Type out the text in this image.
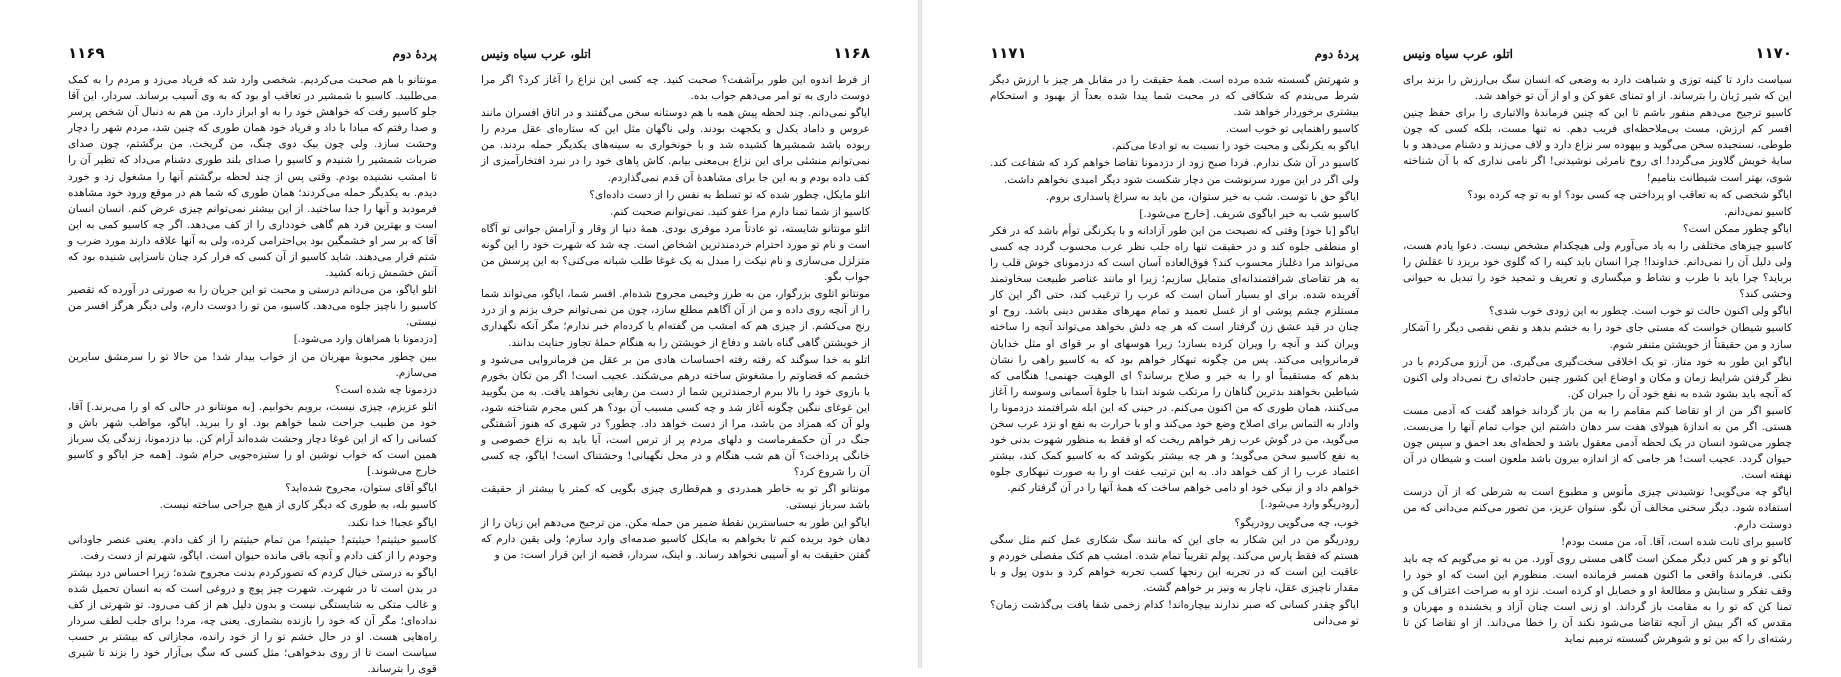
پردهٔ دوم
۱۱۶۹

مونتانو با هم صحبت می‌کردیم. شخصی وارد شد که فریاد می‌زد و مردم را به کمک می‌طلبید. کاسیو با شمشیر در تعاقب او بود که به وی آسیب برساند. سردار، این آقا جلو کاسیو رفت که خواهش خود را به او ابراز دارد. من هم به دنبال آن شخص پرسر و صدا رفتم که مبادا با داد و فریاد خود همان طوری که چنین شد، مردم شهر را دچار وحشت سازد. ولی چون بیک دوی چنگ، من گریخت. من برگشتم، چون صدای ضربات شمشیر را شنیدم و کاسیو را صدای بلند طوری دشنام می‌داد که تظیر آن را تا امشب نشنیده بودم. وقتی پس از چند لحظه برگشتم آنها را مشغول زد و خورد دیدم. به یکدیگر حمله می‌کردند؛ همان طوری که شما هم در موقع ورود خود مشاهده فرمودید و آنها را جدا ساختید. از این بیشتر نمی‌توانم چیزی عرض کنم. انسان انسان است و بهترین فرد هم گاهی خودداری را از کف می‌دهد. اگر چه کاسیو کمی به این آقا که بر سر او خشمگین بود بی‌احترامی کرده، ولی به آنها علاقه دارند مورد ضرب و شتم قرار می‌دهند. شاید کاسیو از آن کسی که فرار کرد چنان ناسزایی شنیده بود که آتش خشمش زبانه کشید.

اتلو ایاگو، من می‌دانم درستی و محبت تو این جریان را به صورتی در آورده که تقصیر کاسیو را ناچیز جلوه می‌دهد. کاسیو، من تو را دوست دارم، ولی دیگر هرگز افسر من نیستی.

[دزدمونا با همراهان وارد می‌شود.]

ببین چطور محبوبهٔ مهربان من از خواب بیدار شد! من حالا تو را سرمشق سایرین می‌سازم.

دزدمونا چه شده است؟

اتلو عزیزم، چیزی نیست، برویم بخوابیم. [به مونتانو در حالی که او را می‌برند.] آقا، خود من طبیب جراحت شما خواهم بود. او را ببرید. ایاگو، مواظب شهر باش و کسانی را که از این غوغا دچار وحشت شده‌اند آرام کن. بیا دزدمونا، زندگی یک سرباز همین است که خواب نوشین او را ستیزه‌جویی حرام شود. [همه جز ایاگو و کاسیو خارج می‌شوند.]

ایاگو آقای ستوان، مجروح شده‌اید؟

کاسیو بله، به طوری که دیگر کاری از هیچ جراحی ساخته نیست.

ایاگو عجبا! خدا نکند.

کاسیو حیثیتم! حیثیتم! حیثیتم! من تمام حیثیتم را از کف دادم. یعنی عنصر جاودانی وجودم را از کف دادم و آنچه باقی مانده حیوان است. ایاگو، شهرتم از دست رفت.

ایاگو به درستی خیال کردم که تصورکردم بدنت مجروح شده؛ زیرا احساس درد بیشتر در بدن است تا در شهرت. شهرت چیز پوچ و دروغی است که به انسان تحمیل شده و غالب متکی به شایستگی نیست و بدون دلیل هم از کف می‌رود. تو شهرتی از کف نداده‌ای؛ مگر آن که خود را بازنده بشماری. یعنی چه، مرد! برای جلب لطف سردار راه‌هایی هست. او در حال خشم تو را از خود رانده، مجازاتی که بیشتر بر حسب سیاست است تا از روی بدخواهی؛ مثل کسی که سگ بی‌آزار خود را بزند تا شیری قوی را بترساند.

۱۱۶۸
اتلو، عرب سیاه ونیس

از فرط اندوه این طور برآشفت؟ صحبت کنید. چه کسی این نزاع را آغاز کرد؟ اگر مرا دوست داری به تو امر می‌دهم جواب بده.

ایاگو نمی‌دانم. چند لحظه پیش همه با هم دوستانه سخن می‌گفتند و در اتاق افسران مانند عروس و داماد یکدل و یکجهت بودند. ولی ناگهان مثل این که ستاره‌ای عقل مردم را ربوده باشد شمشیرها کشیده شد و با خونخواری به سینه‌های یکدیگر حمله بردند. من نمی‌توانم منشئی برای این نزاع بی‌معنی بیابم. کاش پاهای خود را در نبرد افتخارآمیزی از کف داده بودم و به این جا برای مشاهدهٔ آن قدم نمی‌گذاردم.

اتلو مایکل، چطور شده که تو تسلط به نفس را از دست داده‌ای؟

کاسیو از شما تمنا دارم مرا عفو کنید. نمی‌توانم صحبت کنم.

اتلو مونتانو شایسته، تو عادتاً مرد موقری بودی. همهٔ دنیا از وقار و آرامش جوانی تو آگاه است و نام تو مورد احترام خردمندترین اشخاص است. چه شد که شهرت خود را این گونه متزلزل می‌سازی و نام نیکت را مبدل به یک غوغا طلب شبانه می‌کنی؟ به این پرسش من جواب بگو.

مونتانو اتلوی بزرگوار، من به طرز وخیمی مجروح شده‌ام. افسر شما، ایاگو، می‌تواند شما را از آنچه روی داده و من از آن آگاهم مطلع سازد، چون من نمی‌توانم حرف بزنم و از درد رنج می‌کشم. از چیزی هم که امشب من گفته‌ام یا کرده‌ام خبر ندارم؛ مگر آنکه نگهداری از خویشتن گاهی گناه باشد و دفاع از خویشتن را به هنگام حملهٔ تجاوز جنایت بدانند.

اتلو به خدا سوگند که رفته رفته احساسات هادی من بر عقل من فرمانروایی می‌شود و خشمم که قضاوتم را مشغوش ساخته درهم می‌شکند. عجیب است! اگر من تکان بخورم یا بازوی خود را بالا ببرم ارجمندترین شما از دست من رهایی نخواهد یافت. به من بگویید این غوغای ننگین چگونه آغاز شد و چه کسی مسبب آن بود؟ هر کس مجرم شناخته شود، ولو آن که همزاد من باشد، مرا از دست خواهد داد. چطور؟ در شهری که هنوز آشفتگی جنگ در آن حکمفرماست و دلهای مردم پر از ترس است، آیا باید به نزاع خصوصی و خانگی پرداخت؟ آن هم شب هنگام و در محل نگهبانی! وحشتناک است! ایاگو، چه کسی آن را شروع کرد؟

مونتانو اگر تو به خاطر همدردی و هم‌قطاری چیزی بگویی که کمتر یا بیشتر از حقیقت باشد سرباز نیستی.

ایاگو این طور به حساسترین نقطهٔ ضمیر من حمله مکن. من ترجیح می‌دهم این زبان را از دهان خود بریده کنم تا بخواهم به مایکل کاسیو صدمه‌ای وارد سازم؛ ولی یقین دارم که گفتن حقیقت به او آسیبی نخواهد رساند. و اینک، سردار، قضیه از این قرار است: من و

پردهٔ دوم
۱۱۷۱

و شهرتش گسسته شده مرده است. همهٔ حقیقت را در مقابل هر چیز با ارزش دیگر شرط می‌بندم که شکافی که در محبت شما پیدا شده بعداً از بهبود و استحکام بیشتری برخوردار خواهد شد.

کاسیو راهنمایی تو خوب است.

ایاگو به یکرنگی و محبت خود را نسبت به تو ادعا می‌کنم.

کاسیو در آن شک ندارم. فردا صبح زود از دزدمونا تقاضا خواهم کرد که شفاعت کند. ولی اگر در این مورد سرنوشت من دچار شکست شود دیگر امیدی نخواهم داشت.

ایاگو حق با توست. شب به خیر ستوان، من باید به سراغ پاسداری بروم.

کاسیو شب به خیر ایاگوی شریف. [خارج می‌شود.]

ایاگو [با خود] وقتی که نصیحت من این طور آزادانه و با یکرنگی توأم باشد که در فکر او منطقی جلوه کند و در حقیقت تنها راه جلب نظر عرب محسوب گردد چه کسی می‌تواند مرا دغلباز محسوب کند؟ فوق‌العاده آسان است که دزدمونای خوش قلب را به هر تقاضای شرافتمندانه‌ای متمایل سازیم؛ زیرا او مانند عناصر طبیعت سخاوتمند آفریده شده. برای او بسیار آسان است که عرب را ترغیب کند، حتی اگر این کار مستلزم چشم پوشی او از غسل تعمید و تمام مهرهای مقدس دینی باشد. روح او چنان در قید عشق زن گرفتار است که هر چه دلش بخواهد می‌تواند آنچه را ساخته ویران کند و آنچه را ویران کرده بسازد؛ زیرا هوسهای او بر قوای او مثل خدایان فرمانروایی می‌کند. پس من چگونه تبهکار خواهم بود که به کاسیو راهی را نشان بدهم که مستقیماً او را به خیر و صلاح برساند؟ ای الوهیت جهنمی! هنگامی که شیاطین بخواهند بدترین گناهان را مرتکب شوند ابتدا با جلوهٔ آسمانی وسوسه را آغاز می‌کنند، همان طوری که من اکنون می‌کنم. در حینی که این ابله شرافتمند دزدمونا را وادار به التماس برای اصلاح وضع خود می‌کند و او با حرارت به نفع او نزد عرب سخن می‌گوید، من در گوش عرب زهر خواهم ریخت که او فقط به منظور شهوت بدنی خود به نفع کاسیو سخن می‌گوید؛ و هر چه بیشتر بکوشد که به کاسیو کمک کند، بیشتر اعتماد عرب را از کف خواهد داد. به این ترتیب عفت او را به صورت تبهکاری جلوه خواهم داد و از نیکی خود او دامی خواهم ساخت که همهٔ آنها را در آن گرفتار کنم.

[رودریگو وارد می‌شود.]

خوب، چه می‌گویی رودریگو؟

رودریگو من در این شکار به جای این که مانند سگ شکاری عمل کنم مثل سگی هستم که فقط پارس می‌کند. پولم تقریباً تمام شده. امشب هم کتک مفصلی خوردم و عاقبت این است که در تجربه این رنجها کسب تجربه خواهم کرد و بدون پول و با مقدار ناچیزی عقل، ناچار به ونیز بر خواهم گشت.

ایاگو چقدر کسانی که صبر ندارند بیچاره‌اند! کدام زخمی شفا یافت بی‌گذشت زمان؟ تو می‌دانی

۱۱۷۰
اتلو، عرب سیاه ونیس

سیاست دارد تا کینه توزی و شباهت دارد به وضعی که انسان سگ بی‌ارزش را بزند برای این که شیر ژیان را بترساند. از او تمنای عفو کن و او از آن تو خواهد شد.

کاسیو ترجیح می‌دهم منفور باشم تا این که چنین فرماندهٔ والاتباری را برای حفظ چنین افسر کم ارزش، مست بی‌ملاحظه‌ای فریب دهم. نه تنها مست، بلکه کسی که چون طوطی، نسنجیده سخن می‌گوید و بیهوده سر نزاع دارد و لاف می‌زند و دشنام می‌دهد و با سایهٔ خویش گلاویز می‌گردد! ای روح نامرئی نوشیدنی! اگر نامی نداری که با آن شناخته شوی، بهتر است شیطانت بنامیم!

ایاگو شخصی که به تعاقب او پرداختی چه کسی بود؟ او به تو چه کرده بود؟

کاسیو نمی‌دانم.

ایاگو چطور ممکن است؟

کاسیو چیزهای مختلفی را به یاد می‌آورم ولی هیچکدام مشخص نیست. دعوا یادم هست، ولی دلیل آن را نمی‌دانم. خداوندا! چرا انسان باید کینه را که گلوی خود بریزد تا عقلش را برباید؟ چرا باید با طرب و نشاط و میگساری و تعریف و تمجید خود را تبدیل به حیوانی وحشی کند؟

ایاگو ولی اکنون حالت تو خوب است. چطور به این زودی خوب شدی؟

کاسیو شیطان خواست که مستی جای خود را به خشم بدهد و نقص نقصی دیگر را آشکار سازد و من حقیقتاً از خویشتن متنفر شوم.

ایاگو این طور به خود متاز. تو یک اخلاقی سخت‌گیری می‌گیری. من آرزو می‌کردم با در نظر گرفتن شرایط زمان و مکان و اوضاع این کشور چنین حادثه‌ای رخ نمی‌داد ولی اکنون که آنچه باید بشود شده به نفع خود آن را جبران کن.

کاسیو اگر من از او تقاضا کنم مقامم را به من باز گرداند خواهد گفت که آدمی مست هستی. اگر من به اندازهٔ هیولای هفت سر دهان داشتم این جواب تمام آنها را می‌بست. چطور می‌شود انسان در یک لحظه آدمی معقول باشد و لحظه‌ای بعد احمق و سپس چون حیوان گردد. عجیب است! هر جامی که از اندازه بیرون باشد ملعون است و شیطان در آن نهفته است.

ایاگو چه می‌گویی! نوشیدنی چیزی مأنوس و مطبوع است به شرطی که از آن درست استفاده شود. دیگر سخنی مخالف آن نگو. ستوان عزیز، من تصور می‌کنم می‌دانی که من دوستت دارم.

کاسیو برای ثابت شده است، آقا. آه، من مست بودم!

ایاگو تو و هر کس دیگر ممکن است گاهی مستی روی آورد. من به تو می‌گویم که چه باید بکنی. فرماندهٔ واقعی ما اکنون همسر فرمانده است. منظورم این است که او خود را وقف تفکر و ستایش و مطالعهٔ او و خصایل او کرده است. نزد او به صراحت اعتراف کن و تمنا کن که تو را به مقامت باز گرداند. او زنی است چنان آزاد و بخشنده و مهربان و مقدس که اگر بیش از آنچه تقاضا می‌شود نکند آن را خطا می‌داند. از او تقاضا کن تا رشته‌ای را که بین تو و شوهرش گسسته ترمیم نماید
